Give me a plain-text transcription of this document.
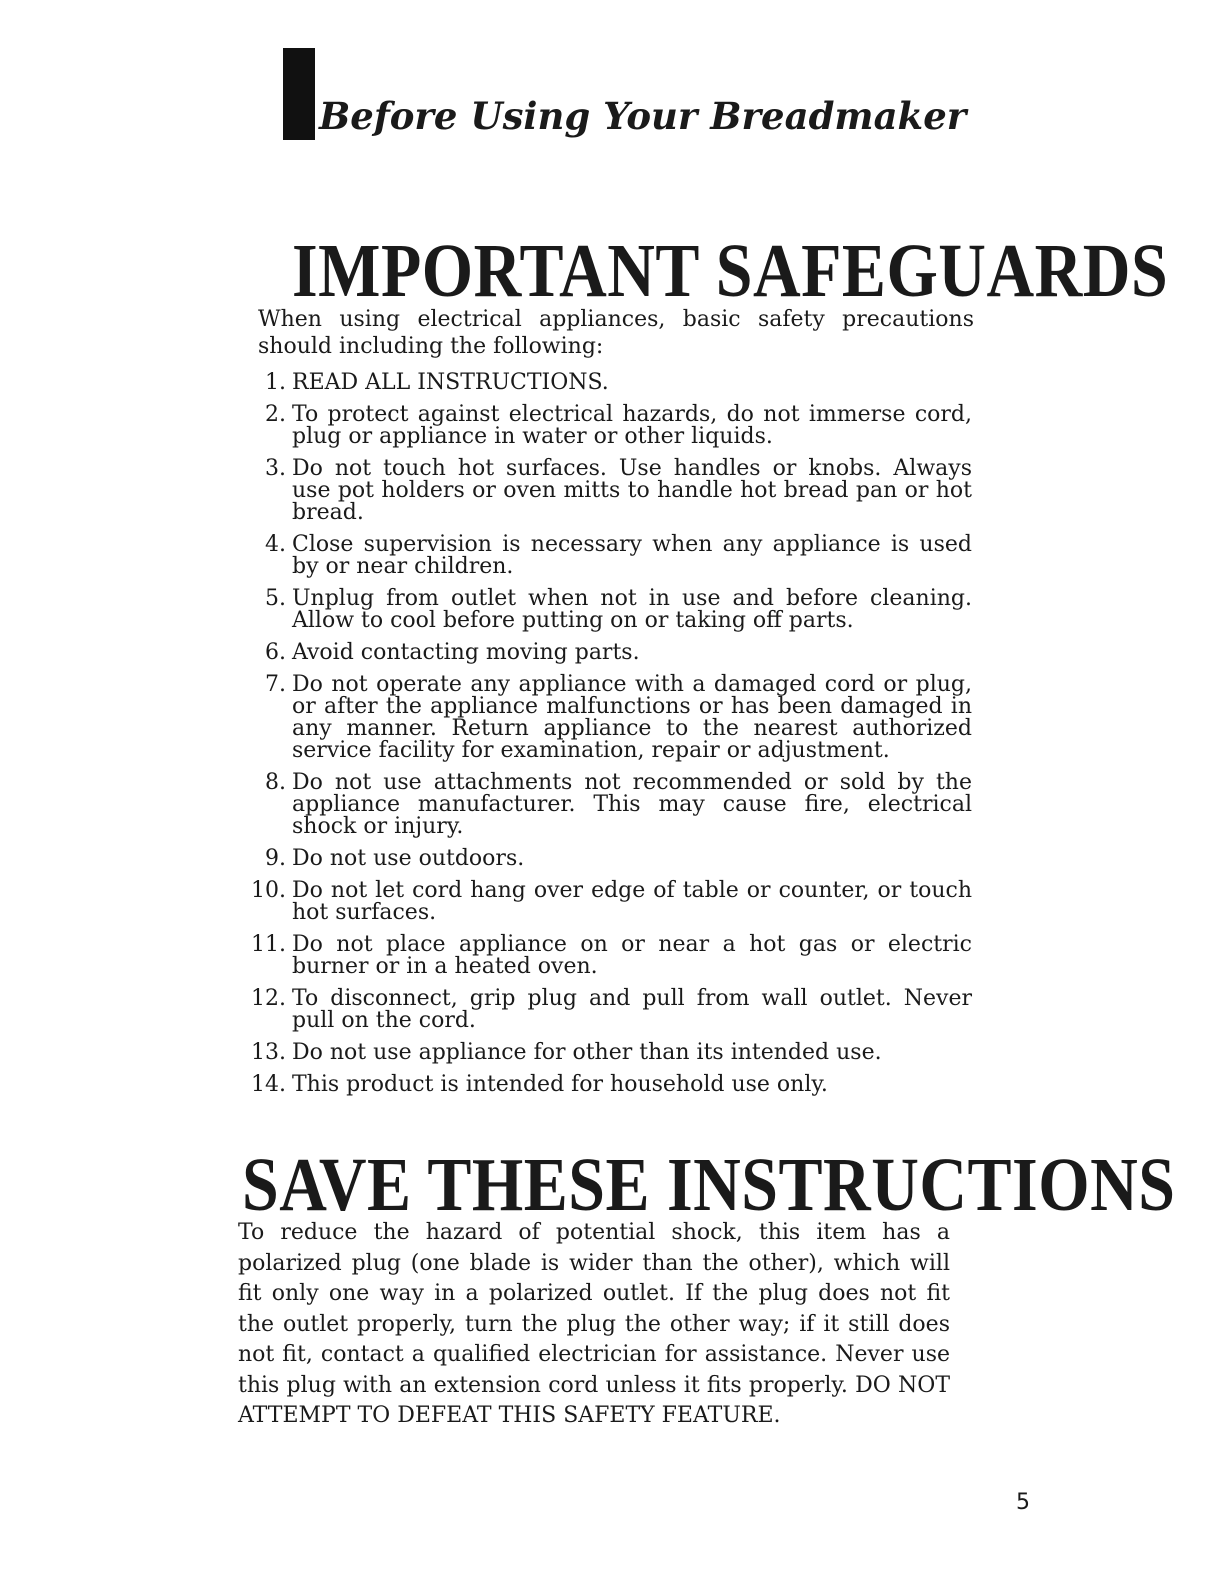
Before Using Your Breadmaker
IMPORTANT SAFEGUARDS
When using electrical appliances, basic safety precautions should including the following:
1. READ ALL INSTRUCTIONS.
2. To protect against electrical hazards, do not immerse cord, plug or appliance in water or other liquids.
3. Do not touch hot surfaces. Use handles or knobs. Always use pot holders or oven mitts to handle hot bread pan or hot bread.
4. Close supervision is necessary when any appliance is used by or near children.
5. Unplug from outlet when not in use and before cleaning. Allow to cool before putting on or taking off parts.
6. Avoid contacting moving parts.
7. Do not operate any appliance with a damaged cord or plug, or after the appliance malfunctions or has been damaged in any manner. Return appliance to the nearest authorized service facility for examination, repair or adjustment.
8. Do not use attachments not recommended or sold by the appliance manufacturer. This may cause fire, electrical shock or injury.
9. Do not use outdoors.
10. Do not let cord hang over edge of table or counter, or touch hot surfaces.
11. Do not place appliance on or near a hot gas or electric burner or in a heated oven.
12. To disconnect, grip plug and pull from wall outlet. Never pull on the cord.
13. Do not use appliance for other than its intended use.
14. This product is intended for household use only.
SAVE THESE INSTRUCTIONS
To reduce the hazard of potential shock, this item has a polarized plug (one blade is wider than the other), which will fit only one way in a polarized outlet. If the plug does not fit the outlet properly, turn the plug the other way; if it still does not fit, contact a qualified electrician for assistance. Never use this plug with an extension cord unless it fits properly. DO NOT ATTEMPT TO DEFEAT THIS SAFETY FEATURE.
5
